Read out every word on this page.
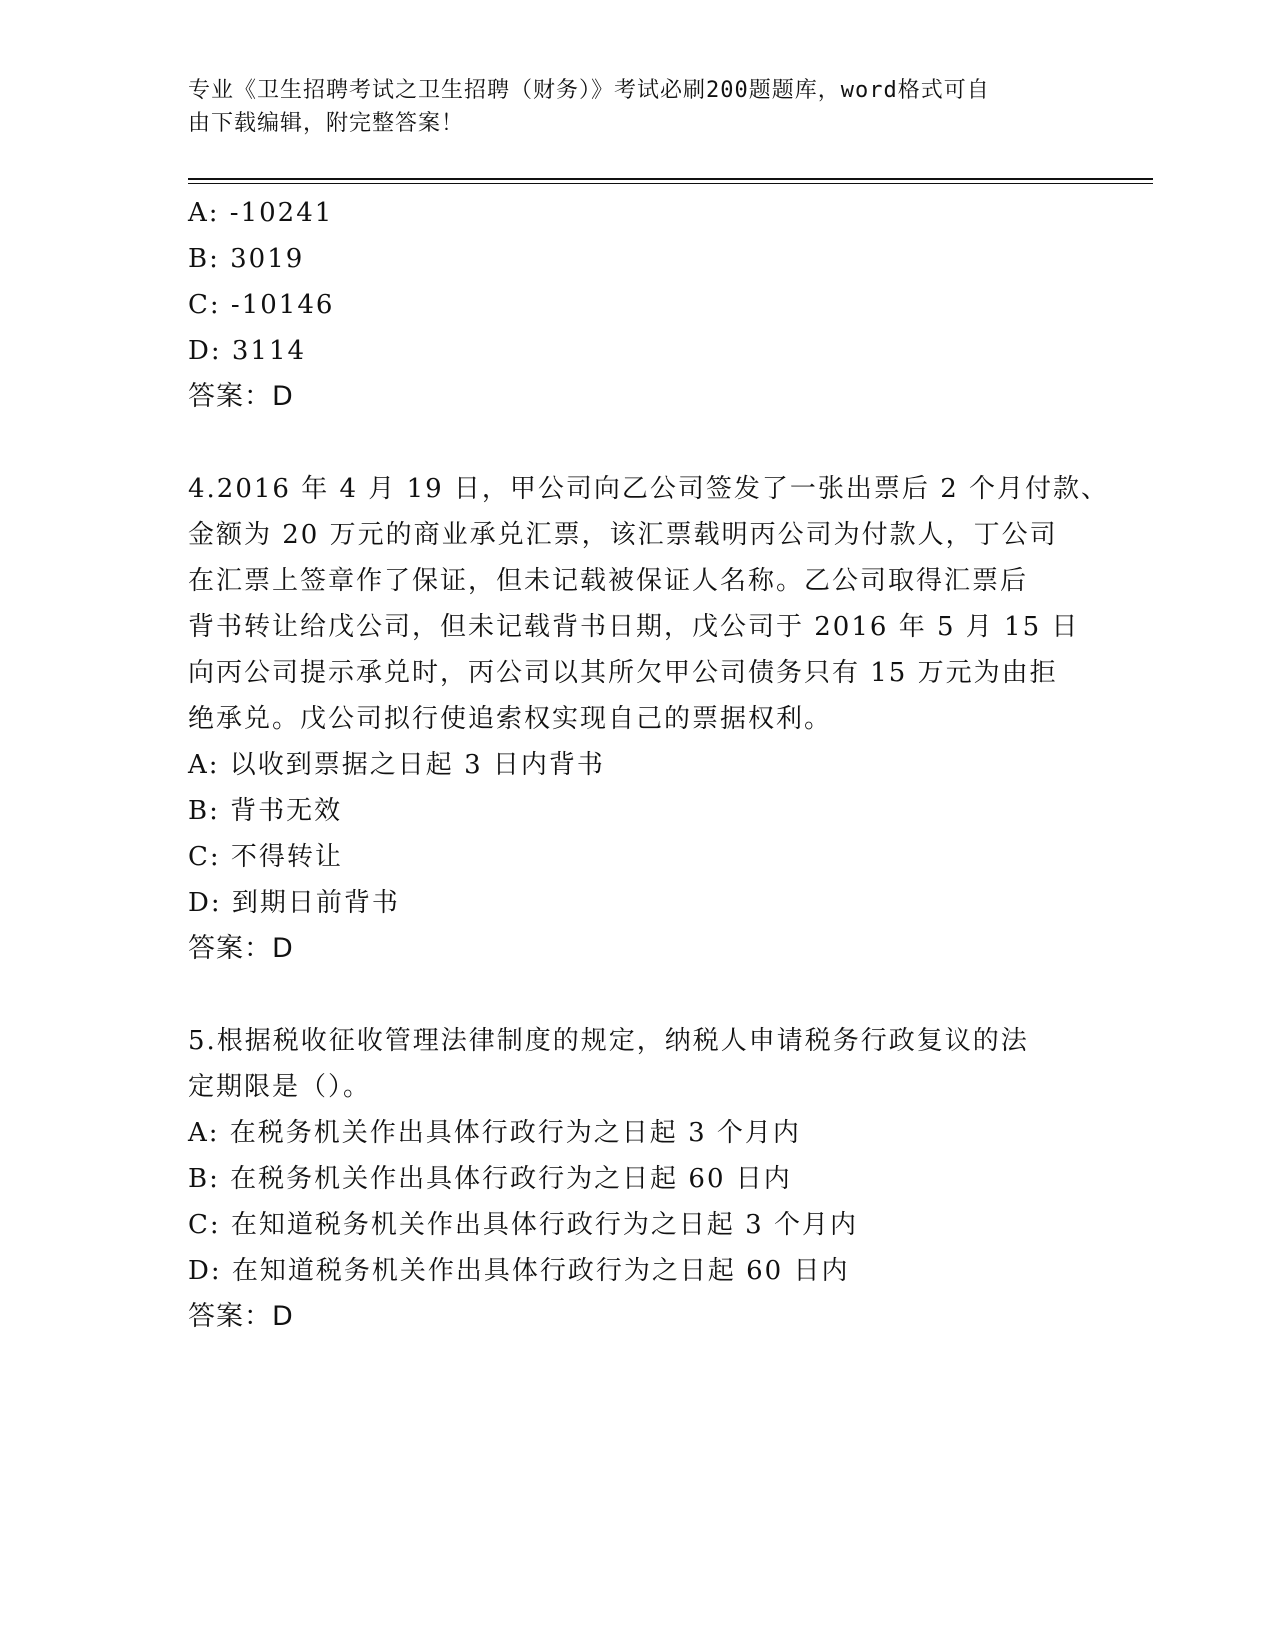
专业《卫生招聘考试之卫生招聘（财务）》考试必刷200题题库，word格式可自
由下载编辑，附完整答案！
A: -10241
B: 3019
C: -10146
D: 3114
答案：D
4.2016 年 4 月 19 日，甲公司向乙公司签发了一张出票后 2 个月付款、
金额为 20 万元的商业承兑汇票，该汇票载明丙公司为付款人，丁公司
在汇票上签章作了保证，但未记载被保证人名称。乙公司取得汇票后
背书转让给戊公司，但未记载背书日期，戊公司于 2016 年 5 月 15 日
向丙公司提示承兑时，丙公司以其所欠甲公司债务只有 15 万元为由拒
绝承兑。戊公司拟行使追索权实现自己的票据权利。
A: 以收到票据之日起 3 日内背书
B: 背书无效
C: 不得转让
D: 到期日前背书
答案：D
5.根据税收征收管理法律制度的规定，纳税人申请税务行政复议的法
定期限是（）。
A: 在税务机关作出具体行政行为之日起 3 个月内
B: 在税务机关作出具体行政行为之日起 60 日内
C: 在知道税务机关作出具体行政行为之日起 3 个月内
D: 在知道税务机关作出具体行政行为之日起 60 日内
答案：D
